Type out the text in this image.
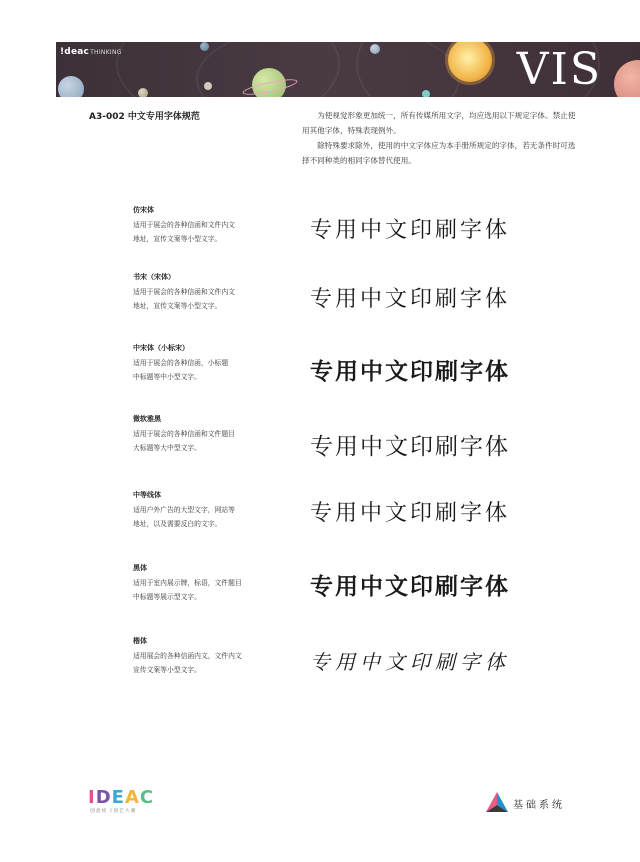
!deacTHINKING	VIS
A3-002 中文专用字体规范	为使视觉形象更加统一，所有传媒所用文字，均应选用以下规定字体。禁止使用其他字体，特殊表现例外。

除特殊要求除外，使用的中文字体应为本手册所规定的字体，若无条件时可选择不同种类的相同字体替代使用。

仿宋体
适用于展会的各种信函和文件内文
地址，宣传文案等小型文字。	专用中文印刷字体
书宋（宋体）
适用于展会的各种信函和文件内文
地址，宣传文案等小型文字。	专用中文印刷字体
中宋体（小标宋）
适用于展会的各种信函，小标题
中标题等中小型文字。	专用中文印刷字体
微软雅黑
适用于展会的各种信函和文件题目
大标题等大中型文字。	专用中文印刷字体
中等线体
适用户外广告的大型文字，网站等
地址，以及需要反白的文字。	专用中文印刷字体
黑体
适用于室内展示牌，标语，文件题目
中标题等展示型文字。	专用中文印刷字体
楷体
适用展会的各种信函内文，文件内文
宣传文案等小型文字。	专用中文印刷字体
IDEAC
创意炫《创艺大赛
基础系统
